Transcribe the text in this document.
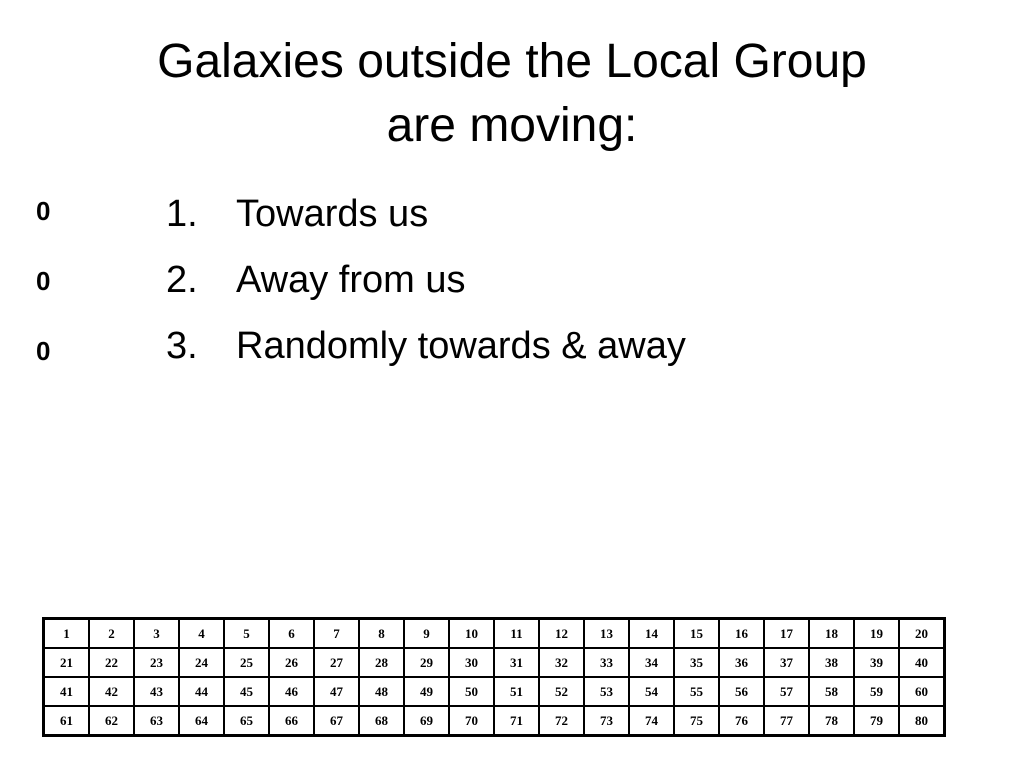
Galaxies outside the Local Group
are moving:
0
0
0
1. Towards us
2. Away from us
3. Randomly towards & away
1	2	3	4	5	6	7	8	9	10	11	12	13	14	15	16	17	18	19	20
21	22	23	24	25	26	27	28	29	30	31	32	33	34	35	36	37	38	39	40
41	42	43	44	45	46	47	48	49	50	51	52	53	54	55	56	57	58	59	60
61	62	63	64	65	66	67	68	69	70	71	72	73	74	75	76	77	78	79	80
